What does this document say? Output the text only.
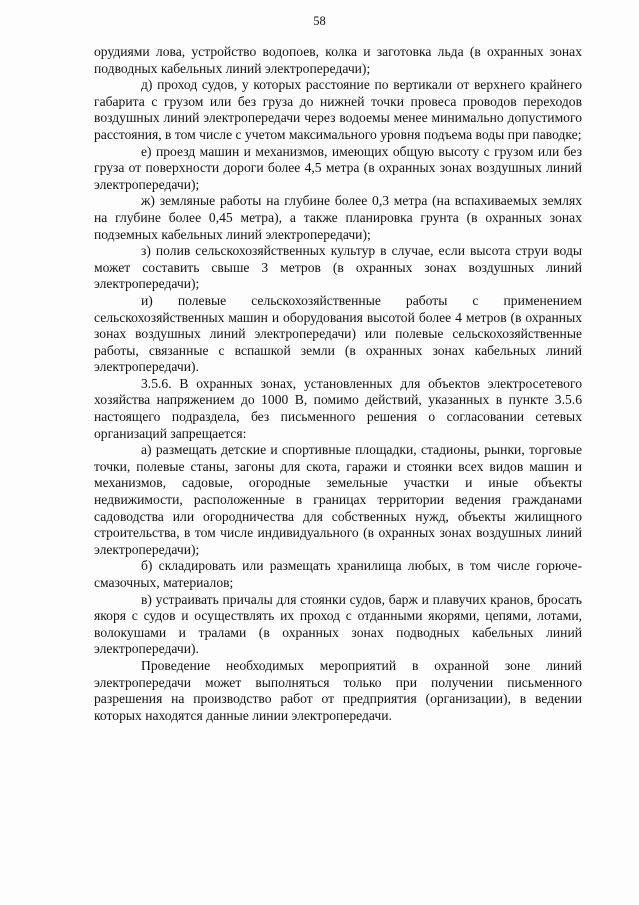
58

орудиями лова, устройство водопоев, колка и заготовка льда (в охранных зонах подводных кабельных линий электропередачи);

д) проход судов, у которых расстояние по вертикали от верхнего крайнего габарита с грузом или без груза до нижней точки провеса проводов переходов воздушных линий электропередачи через водоемы менее минимально допустимого расстояния, в том числе с учетом максимального уровня подъема воды при паводке;

е) проезд машин и механизмов, имеющих общую высоту с грузом или без груза от поверхности дороги более 4,5 метра (в охранных зонах воздушных линий электропередачи);

ж) земляные работы на глубине более 0,3 метра (на вспахиваемых землях на глубине более 0,45 метра), а также планировка грунта (в охранных зонах подземных кабельных линий электропередачи);

з) полив сельскохозяйственных культур в случае, если высота струи воды может составить свыше 3 метров (в охранных зонах воздушных линий электропередачи);

и) полевые сельскохозяйственные работы с применением сельскохозяйственных машин и оборудования высотой более 4 метров (в охранных зонах воздушных линий электропередачи) или полевые сельскохозяйственные работы, связанные с вспашкой земли (в охранных зонах кабельных линий электропередачи).

3.5.6. В охранных зонах, установленных для объектов электросетевого хозяйства напряжением до 1000 В, помимо действий, указанных в пункте 3.5.6 настоящего подраздела, без письменного решения о согласовании сетевых организаций запрещается:

а) размещать детские и спортивные площадки, стадионы, рынки, торговые точки, полевые станы, загоны для скота, гаражи и стоянки всех видов машин и механизмов, садовые, огородные земельные участки и иные объекты недвижимости, расположенные в границах территории ведения гражданами садоводства или огородничества для собственных нужд, объекты жилищного строительства, в том числе индивидуального (в охранных зонах воздушных линий электропередачи);

б) складировать или размещать хранилища любых, в том числе горюче-смазочных, материалов;

в) устраивать причалы для стоянки судов, барж и плавучих кранов, бросать якоря с судов и осуществлять их проход с отданными якорями, цепями, лотами, волокушами и тралами (в охранных зонах подводных кабельных линий электропередачи).

Проведение необходимых мероприятий в охранной зоне линий электропередачи может выполняться только при получении письменного разрешения на производство работ от предприятия (организации), в ведении которых находятся данные линии электропередачи.
